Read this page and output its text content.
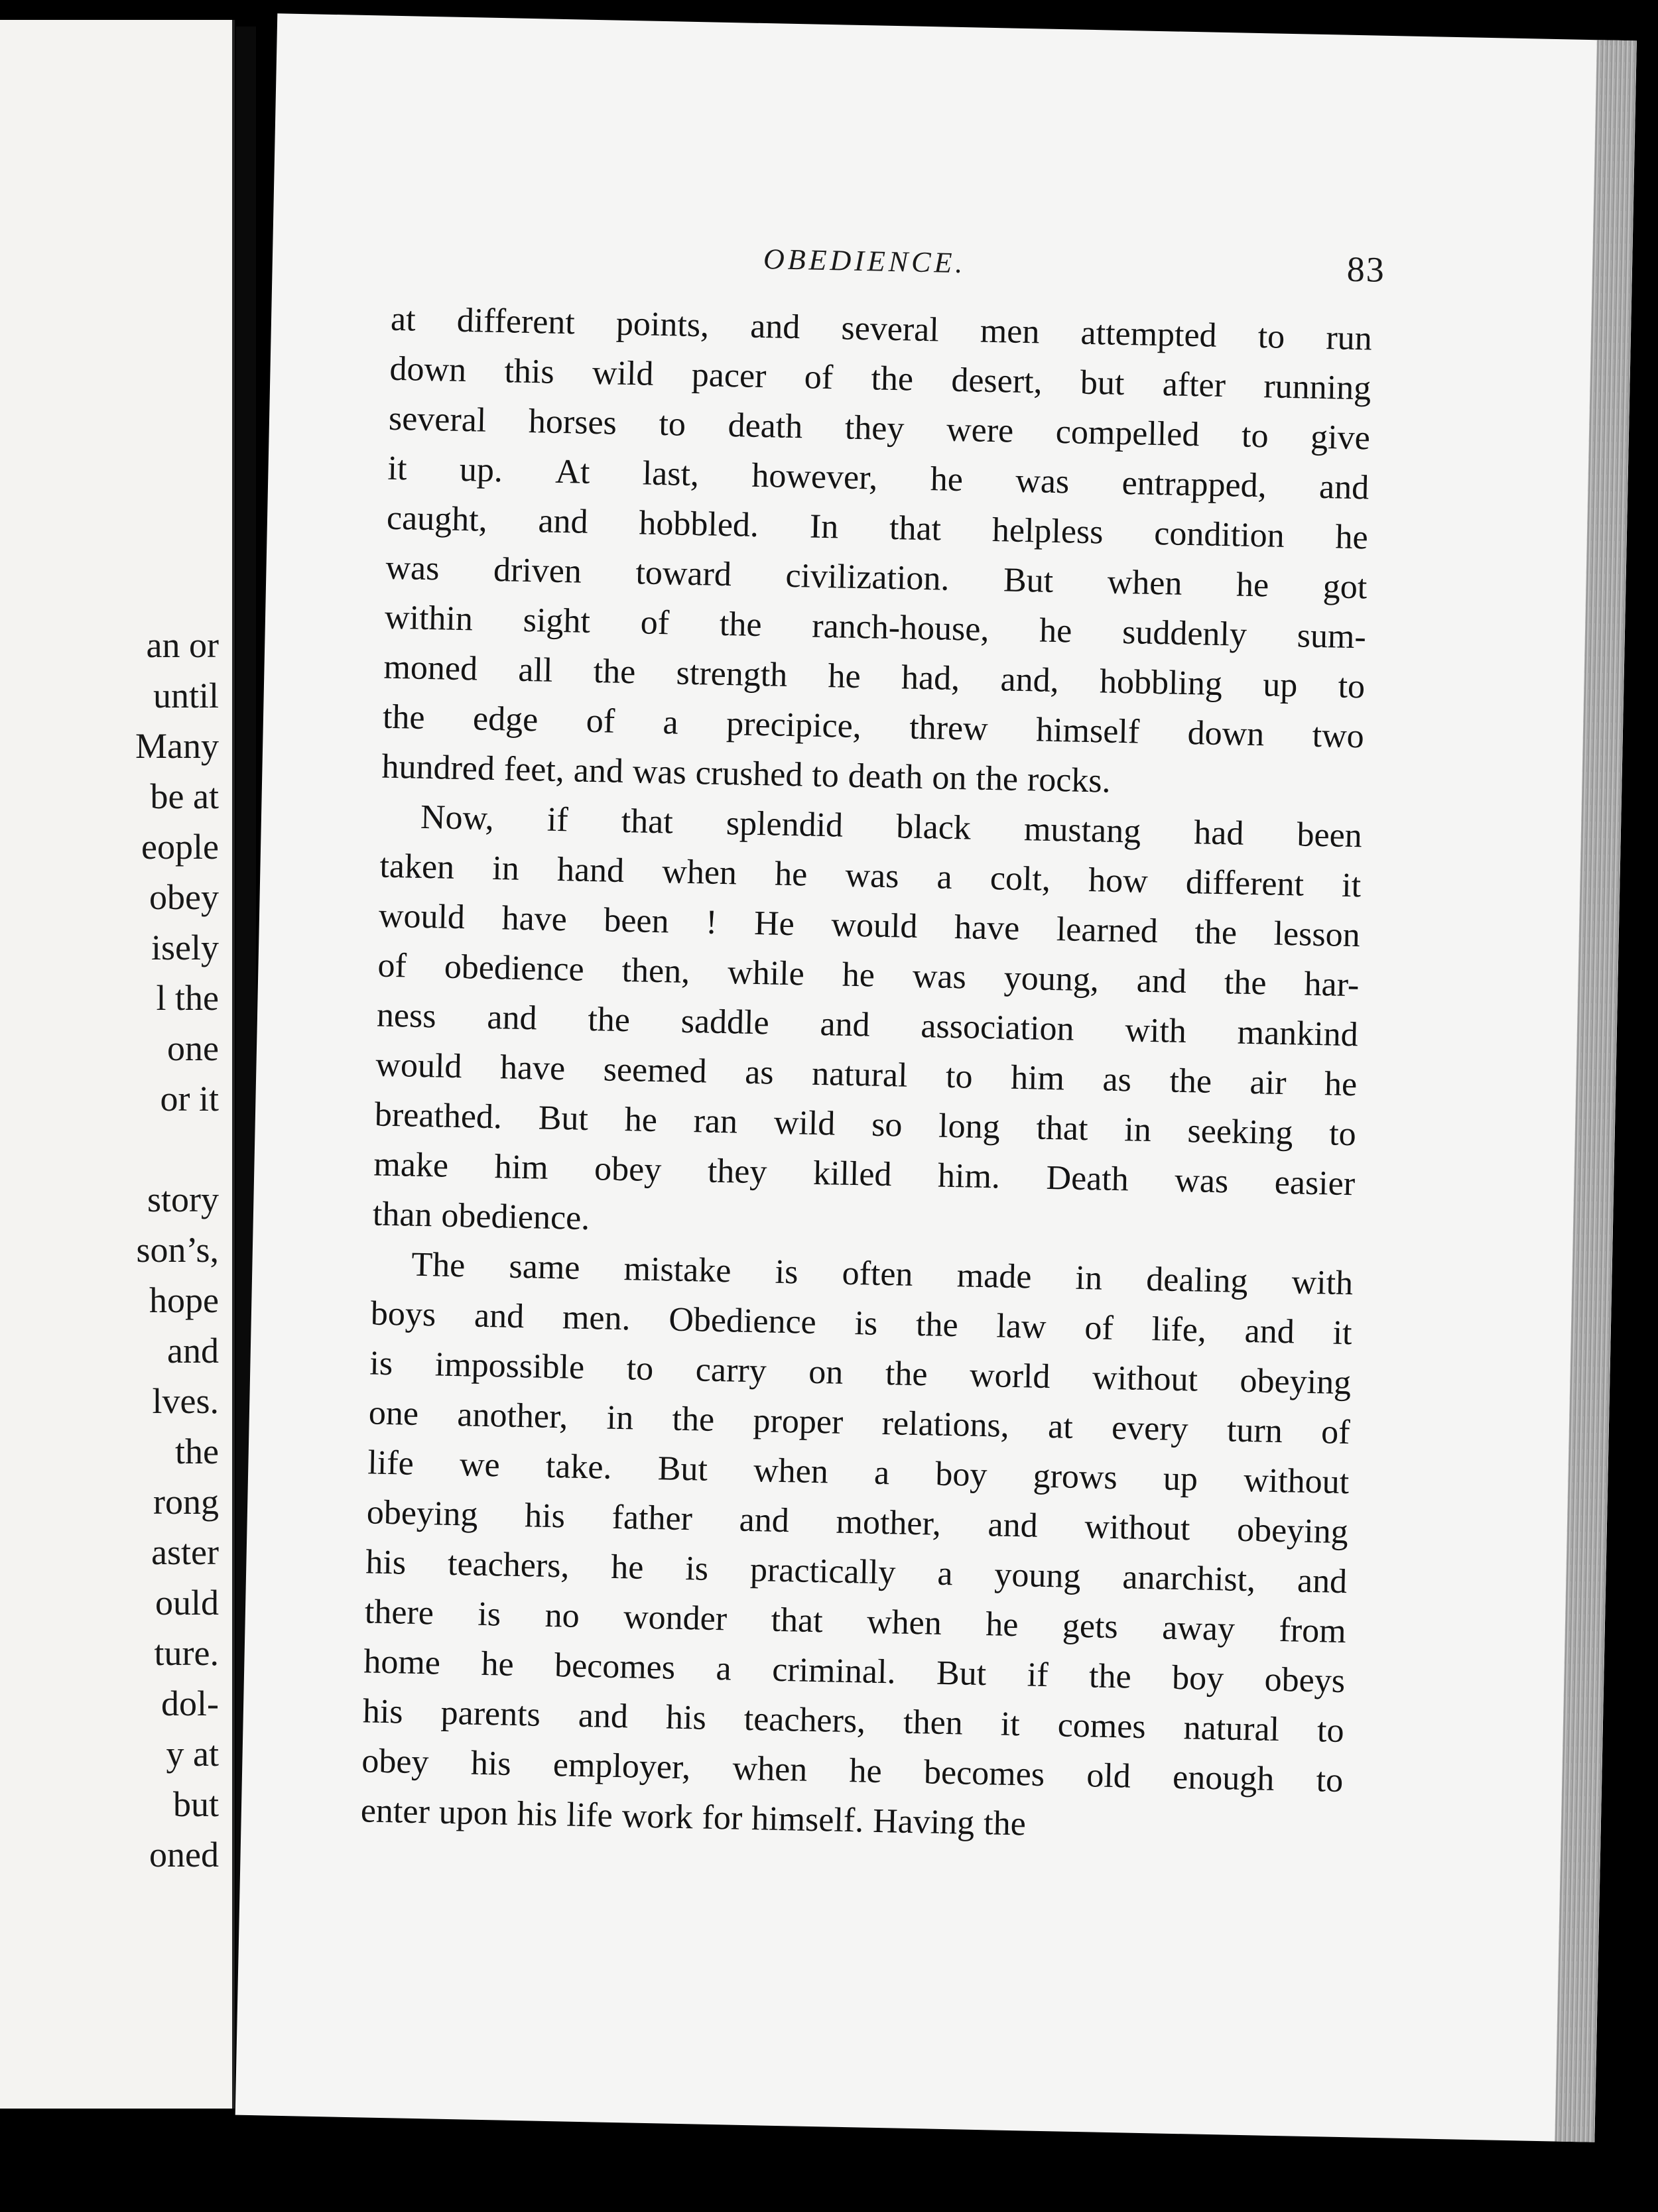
an or
until
Many
be at
eople
obey
isely
l the
one
or it
story
son’s,
hope
and
lves.
the
rong
aster
ould
ture.
dol-
y at
but
oned
OBEDIENCE.	83

at different points, and several men attempted to run
down this wild pacer of the desert, but after running
several horses to death they were compelled to give
it up. At last, however, he was entrapped, and
caught, and hobbled. In that helpless condition he
was driven toward civilization. But when he got
within sight of the ranch-house, he suddenly sum-
moned all the strength he had, and, hobbling up to
the edge of a precipice, threw himself down two
hundred feet, and was crushed to death on the rocks.

Now, if that splendid black mustang had been
taken in hand when he was a colt, how different it
would have been ! He would have learned the lesson
of obedience then, while he was young, and the har-
ness and the saddle and association with mankind
would have seemed as natural to him as the air he
breathed. But he ran wild so long that in seeking to
make him obey they killed him. Death was easier
than obedience.

The same mistake is often made in dealing with
boys and men. Obedience is the law of life, and it
is impossible to carry on the world without obeying
one another, in the proper relations, at every turn of
life we take. But when a boy grows up without
obeying his father and mother, and without obeying
his teachers, he is practically a young anarchist, and
there is no wonder that when he gets away from
home he becomes a criminal. But if the boy obeys
his parents and his teachers, then it comes natural to
obey his employer, when he becomes old enough to
enter upon his life work for himself. Having the
